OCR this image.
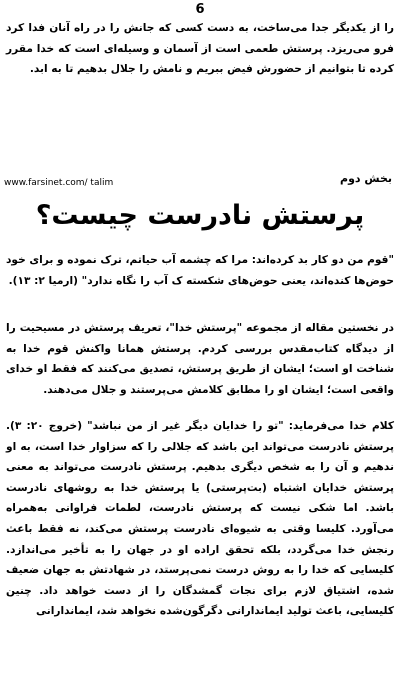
6

را از یکدیگر جدا می‌ساخت، به دست کسی که جانش را در راه آنان فدا کرد فرو می‌ریزد. پرستش طعمی است از آسمان و وسیله‌ای است که خدا مقرر کرده تا بتوانیم از حضورش فیض ببریم و نامش را جلال بدهیم تا به ابد.

بخش دوم
www.farsinet.com/ talim
پرستش نادرست چیست؟

"قوم من دو کار بد کرده‌اند: مرا که چشمه آب حیاتم، ترک نموده و برای خود حوض‌ها کنده‌اند، یعنی حوض‌های شکسته ک آب را نگاه ندارد" (ارمیا ۲: ۱۳).

در نخستین مقاله از مجموعه "پرستش خدا"، تعریف پرستش در مسیحیت را از دیدگاه کتاب‌مقدس بررسی کردم. پرستش همانا واکنش قوم خدا به شناخت او است؛ ایشان از طریق پرستش، تصدیق می‌کنند که فقط او خدای واقعی است؛ ایشان او را مطابق کلامش می‌پرستند و جلال می‌دهند.

کلام خدا می‌فرماید: "تو را خدایان دیگر غیر از من نباشد" (خروج ۲۰: ۳). پرستش نادرست می‌تواند این باشد که جلالی را که سزاوار خدا است، به او ندهیم و آن را به شخص دیگری بدهیم. پرستش نادرست می‌تواند به معنی پرستش خدایان اشتباه (بت‌پرستی) یا پرستش خدا به روشهای نادرست باشد. اما شکی نیست که پرستش نادرست، لطمات فراوانی به‌همراه می‌آورد. کلیسا وقتی به شیوه‌ای نادرست پرستش می‌کند، نه فقط باعث رنجش خدا می‌گردد، بلکه تحقق اراده او در جهان را به تأخیر می‌اندازد. کلیسایی که خدا را به روش درست نمی‌پرستد، در شهادتش به جهان ضعیف شده، اشتیاق لازم برای نجات گمشدگان را از دست خواهد داد. چنین کلیسایی، باعث تولید ایماندارانی دگرگون‌شده نخواهد شد، ایماندارانی
